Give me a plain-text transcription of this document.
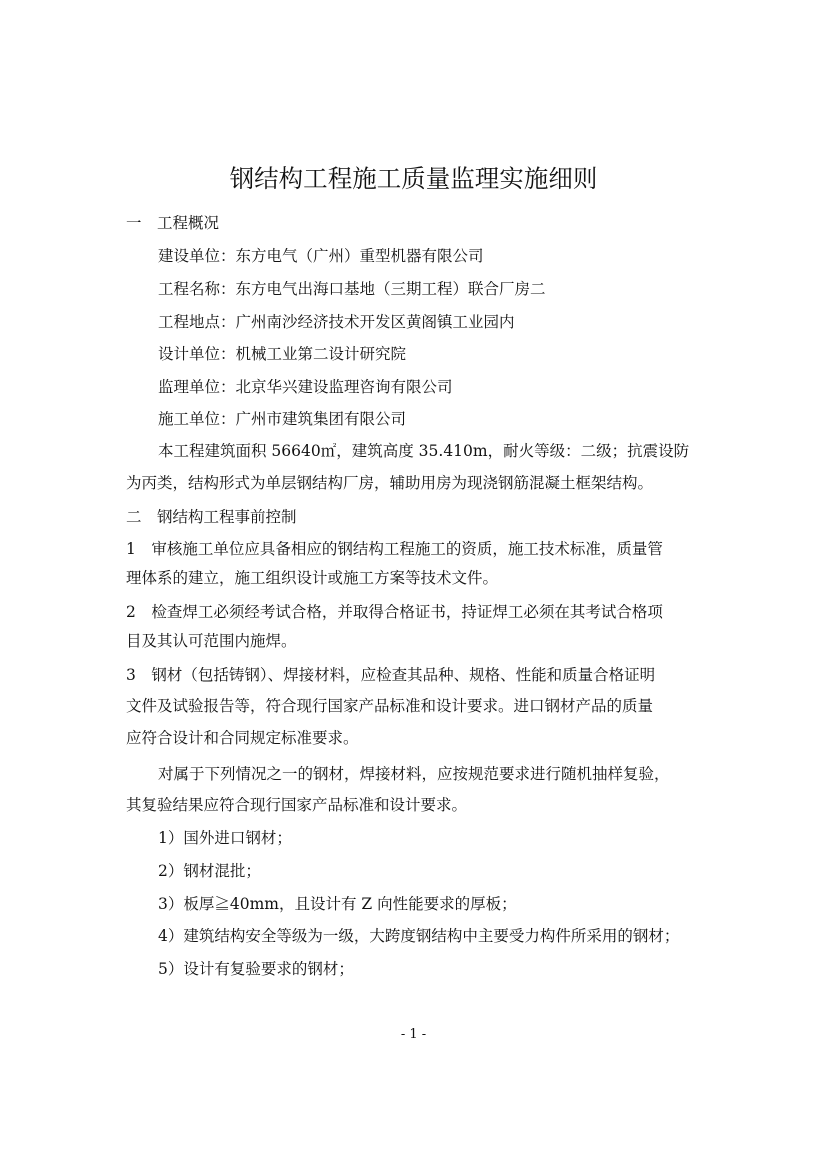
钢结构工程施工质量监理实施细则
一　工程概况
建设单位：东方电气（广州）重型机器有限公司
工程名称：东方电气出海口基地（三期工程）联合厂房二
工程地点：广州南沙经济技术开发区黄阁镇工业园内
设计单位：机械工业第二设计研究院
监理单位：北京华兴建设监理咨询有限公司
施工单位：广州市建筑集团有限公司
本工程建筑面积 56640㎡，建筑高度 35.410m，耐火等级：二级；抗震设防
为丙类，结构形式为单层钢结构厂房，辅助用房为现浇钢筋混凝土框架结构。
二　钢结构工程事前控制
1　审核施工单位应具备相应的钢结构工程施工的资质，施工技术标准，质量管
理体系的建立，施工组织设计或施工方案等技术文件。
2　检查焊工必须经考试合格，并取得合格证书，持证焊工必须在其考试合格项
目及其认可范围内施焊。
3　钢材（包括铸钢）、焊接材料，应检查其品种、规格、性能和质量合格证明
文件及试验报告等，符合现行国家产品标准和设计要求。进口钢材产品的质量
应符合设计和合同规定标准要求。
对属于下列情况之一的钢材，焊接材料，应按规范要求进行随机抽样复验，
其复验结果应符合现行国家产品标准和设计要求。
1）国外进口钢材；
2）钢材混批；
3）板厚≧40mm，且设计有 Z 向性能要求的厚板；
4）建筑结构安全等级为一级，大跨度钢结构中主要受力构件所采用的钢材；
5）设计有复验要求的钢材；
- 1 -
